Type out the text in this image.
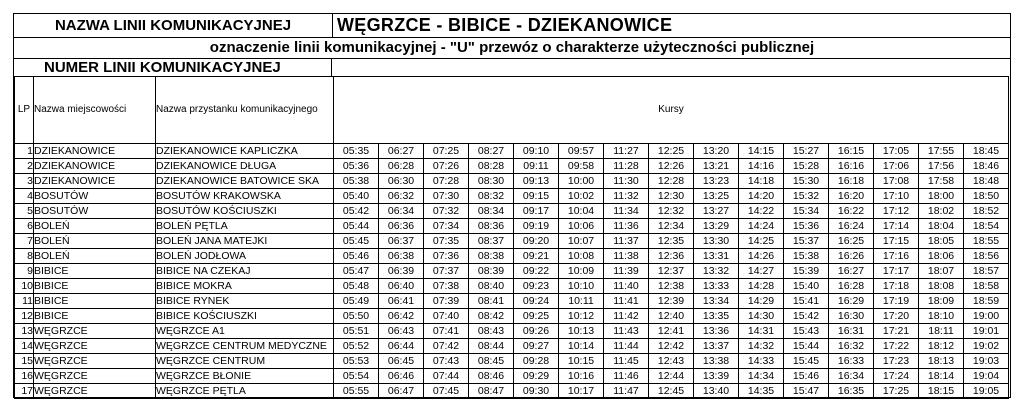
NAZWA LINII KOMUNIKACYJNEJ	WĘGRZCE - BIBICE - DZIEKANOWICE
oznaczenie linii komunikacyjnej - "U" przewóz o charakterze użyteczności publicznej
NUMER LINII KOMUNIKACYJNEJ
LP	Nazwa miejscowości	Nazwa przystanku komunikacyjnego	Kursy														
1	DZIEKANOWICE	DZIEKANOWICE KAPLICZKA	05:35	06:27	07:25	08:27	09:10	09:57	11:27	12:25	13:20	14:15	15:27	16:15	17:05	17:55	18:45
2	DZIEKANOWICE	DZIEKANOWICE DŁUGA	05:36	06:28	07:26	08:28	09:11	09:58	11:28	12:26	13:21	14:16	15:28	16:16	17:06	17:56	18:46
3	DZIEKANOWICE	DZIEKANOWICE BATOWICE SKA	05:38	06:30	07:28	08:30	09:13	10:00	11:30	12:28	13:23	14:18	15:30	16:18	17:08	17:58	18:48
4	BOSUTÓW	BOSUTÓW KRAKOWSKA	05:40	06:32	07:30	08:32	09:15	10:02	11:32	12:30	13:25	14:20	15:32	16:20	17:10	18:00	18:50
5	BOSUTÓW	BOSUTÓW KOŚCIUSZKI	05:42	06:34	07:32	08:34	09:17	10:04	11:34	12:32	13:27	14:22	15:34	16:22	17:12	18:02	18:52
6	BOLEŃ	BOLEŃ PĘTLA	05:44	06:36	07:34	08:36	09:19	10:06	11:36	12:34	13:29	14:24	15:36	16:24	17:14	18:04	18:54
7	BOLEŃ	BOLEŃ JANA MATEJKI	05:45	06:37	07:35	08:37	09:20	10:07	11:37	12:35	13:30	14:25	15:37	16:25	17:15	18:05	18:55
8	BOLEŃ	BOLEŃ JODŁOWA	05:46	06:38	07:36	08:38	09:21	10:08	11:38	12:36	13:31	14:26	15:38	16:26	17:16	18:06	18:56
9	BIBICE	BIBICE NA CZEKAJ	05:47	06:39	07:37	08:39	09:22	10:09	11:39	12:37	13:32	14:27	15:39	16:27	17:17	18:07	18:57
10	BIBICE	BIBICE MOKRA	05:48	06:40	07:38	08:40	09:23	10:10	11:40	12:38	13:33	14:28	15:40	16:28	17:18	18:08	18:58
11	BIBICE	BIBICE RYNEK	05:49	06:41	07:39	08:41	09:24	10:11	11:41	12:39	13:34	14:29	15:41	16:29	17:19	18:09	18:59
12	BIBICE	BIBICE KOŚCIUSZKI	05:50	06:42	07:40	08:42	09:25	10:12	11:42	12:40	13:35	14:30	15:42	16:30	17:20	18:10	19:00
13	WĘGRZCE	WĘGRZCE A1	05:51	06:43	07:41	08:43	09:26	10:13	11:43	12:41	13:36	14:31	15:43	16:31	17:21	18:11	19:01
14	WĘGRZCE	WĘGRZCE CENTRUM MEDYCZNE	05:52	06:44	07:42	08:44	09:27	10:14	11:44	12:42	13:37	14:32	15:44	16:32	17:22	18:12	19:02
15	WĘGRZCE	WĘGRZCE CENTRUM	05:53	06:45	07:43	08:45	09:28	10:15	11:45	12:43	13:38	14:33	15:45	16:33	17:23	18:13	19:03
16	WĘGRZCE	WĘGRZCE BŁONIE	05:54	06:46	07:44	08:46	09:29	10:16	11:46	12:44	13:39	14:34	15:46	16:34	17:24	18:14	19:04
17	WĘGRZCE	WĘGRZCE PĘTLA	05:55	06:47	07:45	08:47	09:30	10:17	11:47	12:45	13:40	14:35	15:47	16:35	17:25	18:15	19:05
